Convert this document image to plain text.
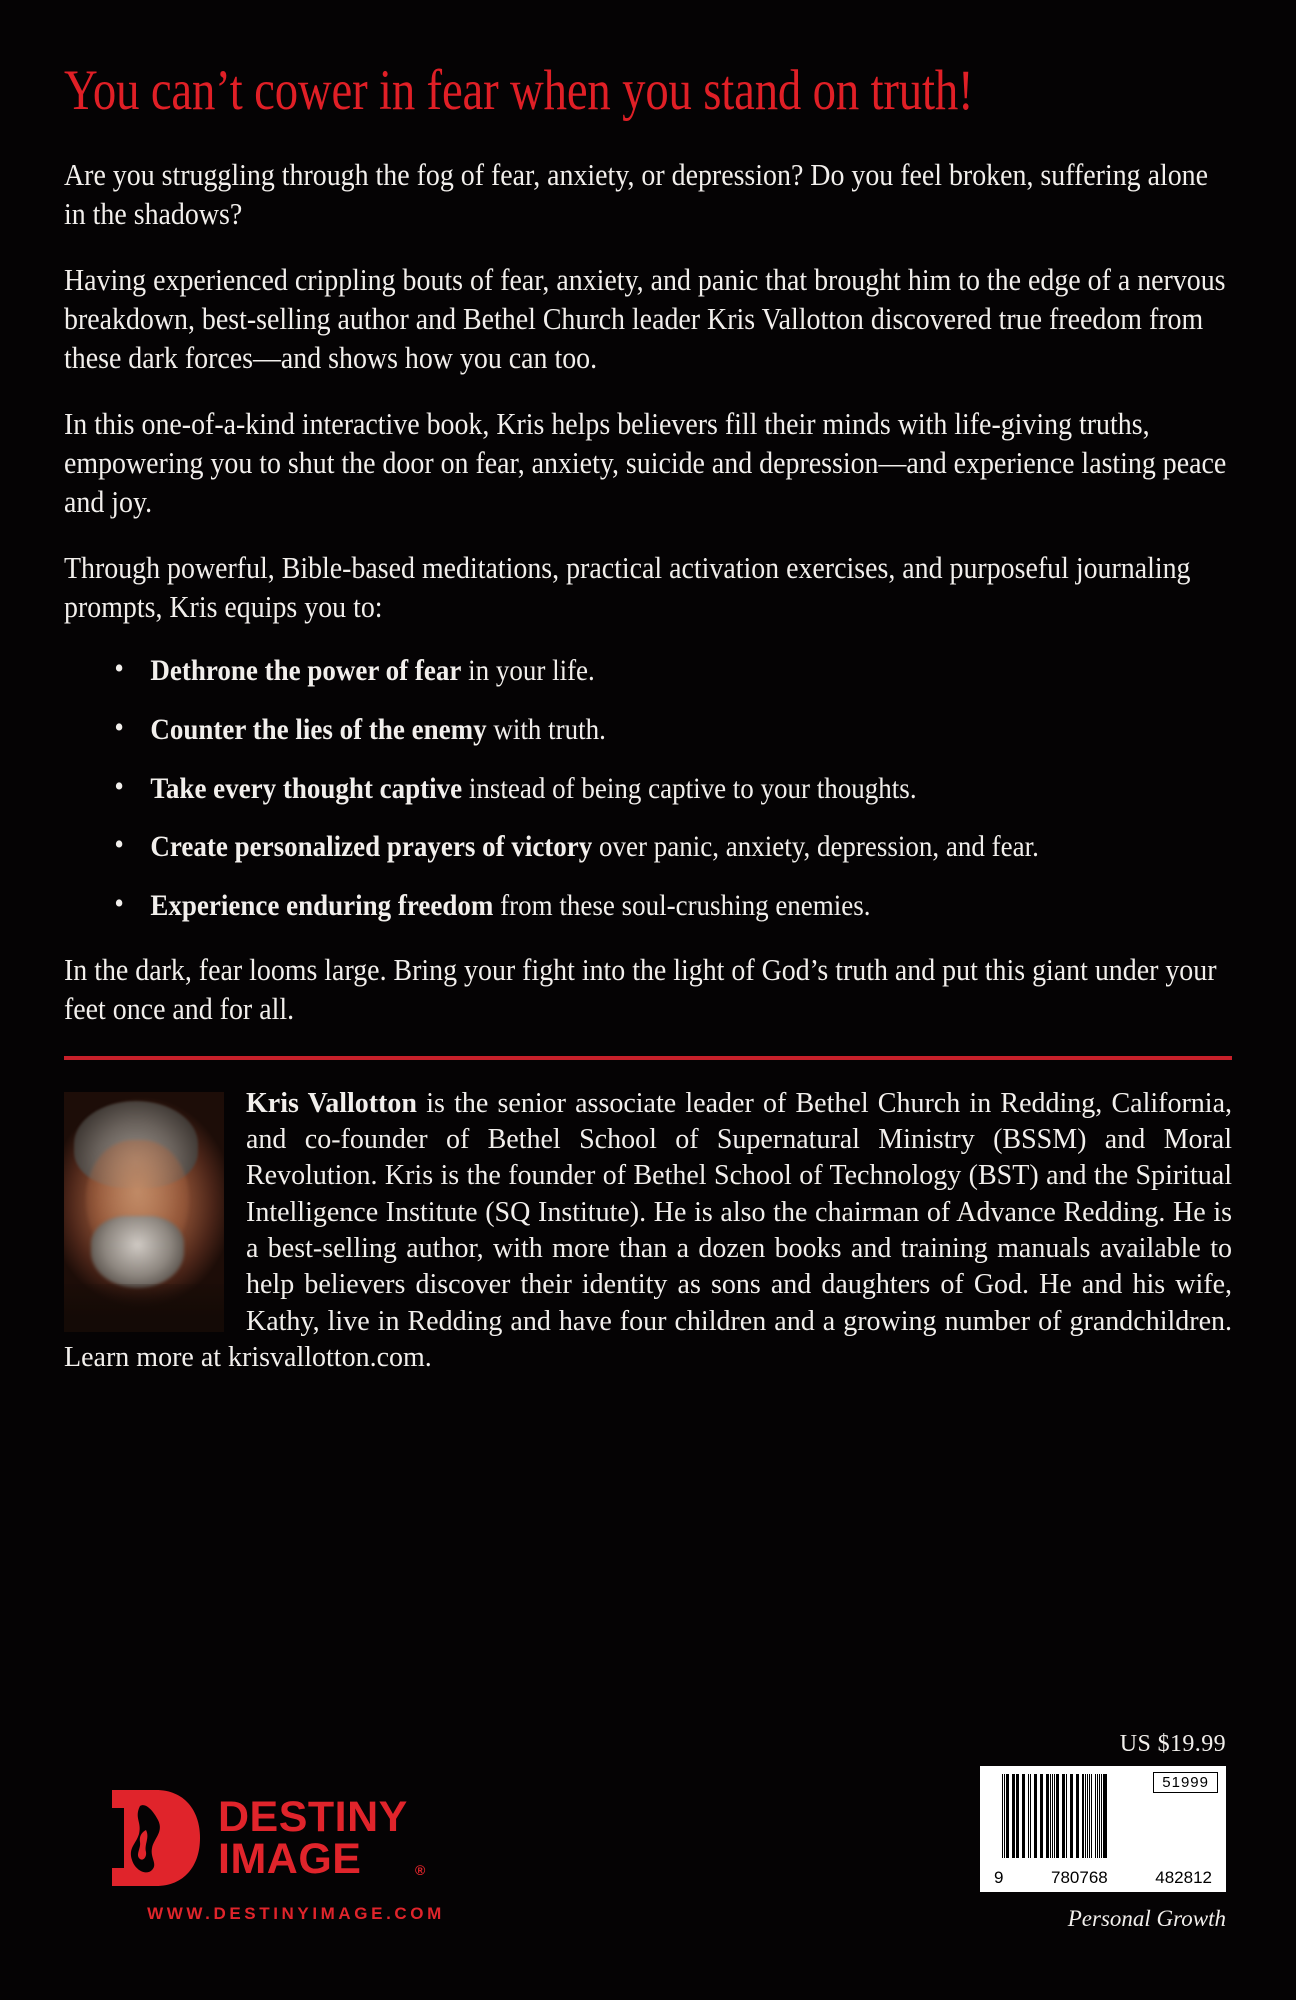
You can’t cower in fear when you stand on truth!

Are you struggling through the fog of fear, anxiety, or depression? Do you feel broken, suffering alone in the shadows?

Having experienced crippling bouts of fear, anxiety, and panic that brought him to the edge of a nervous breakdown, best-selling author and Bethel Church leader Kris Vallotton discovered true freedom from these dark forces—and shows how you can too.

In this one-of-a-kind interactive book, Kris helps believers fill their minds with life-giving truths, empowering you to shut the door on fear, anxiety, suicide and depression—and experience lasting peace and joy.

Through powerful, Bible-based meditations, practical activation exercises, and purposeful journaling prompts, Kris equips you to:

• Dethrone the power of fear in your life.
• Counter the lies of the enemy with truth.
• Take every thought captive instead of being captive to your thoughts.
• Create personalized prayers of victory over panic, anxiety, depression, and fear.
• Experience enduring freedom from these soul-crushing enemies.

In the dark, fear looms large. Bring your fight into the light of God’s truth and put this giant under your feet once and for all.

Kris Vallotton is the senior associate leader of Bethel Church in Redding, California, and co-founder of Bethel School of Supernatural Ministry (BSSM) and Moral Revolution. Kris is the founder of Bethel School of Technology (BST) and the Spiritual Intelligence Institute (SQ Institute). He is also the chairman of Advance Redding. He is a best-selling author, with more than a dozen books and training manuals available to help believers discover their identity as sons and daughters of God. He and his wife, Kathy, live in Redding and have four children and a growing number of grandchildren. Learn more at krisvallotton.com.
DESTINY
IMAGE	®
WWW.DESTINYIMAGE.COM
US $19.99
51999
9	780768	482812
Personal Growth
